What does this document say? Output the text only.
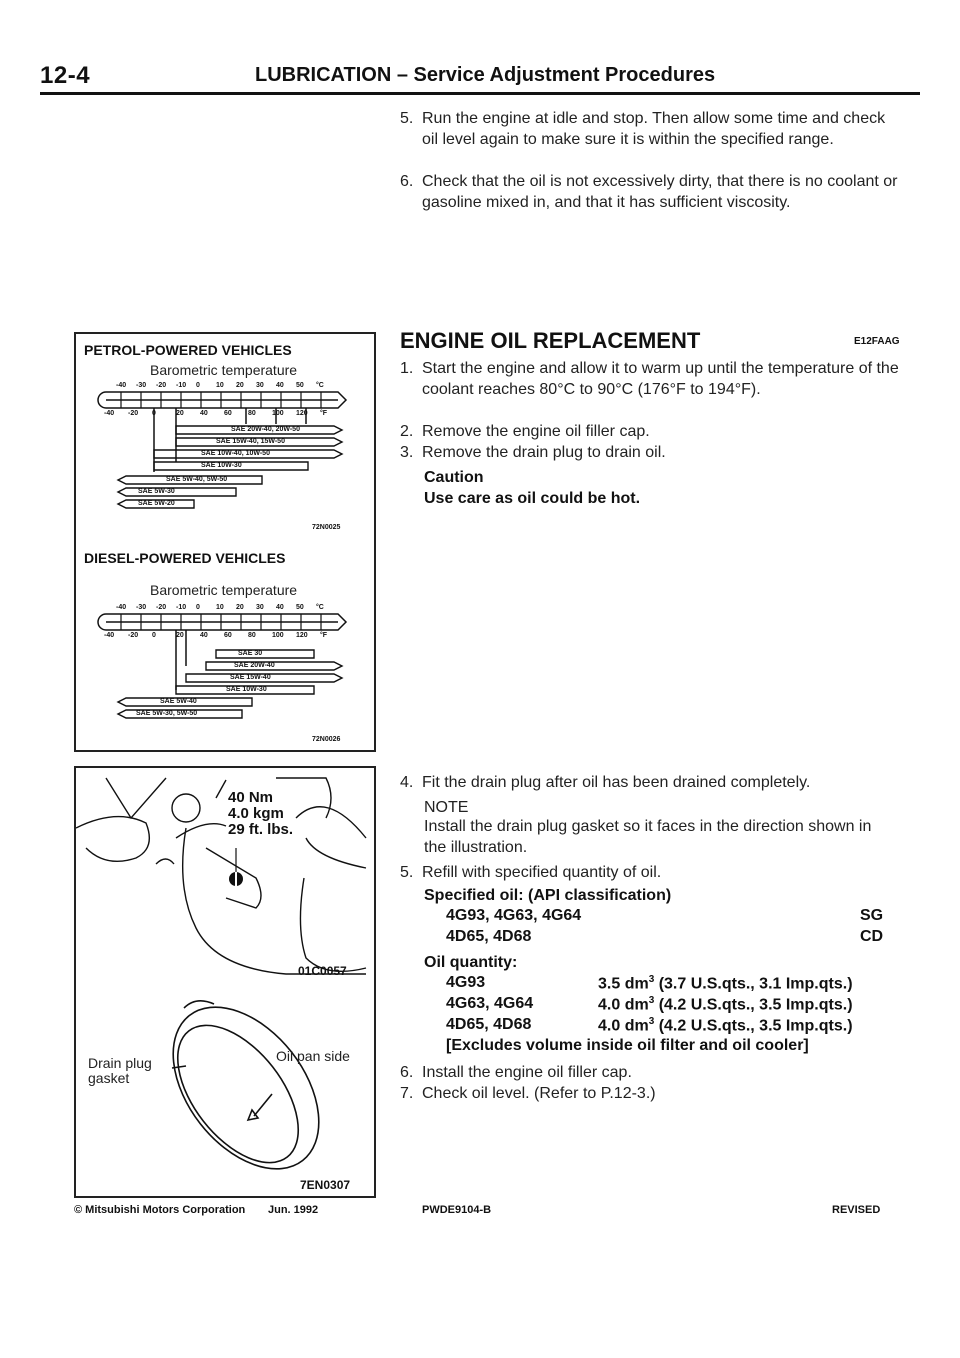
12-4	LUBRICATION – Service Adjustment Procedures
5. Run the engine at idle and stop. Then allow some time and check oil level again to make sure it is within the specified range.
6. Check that the oil is not excessively dirty, that there is no coolant or gasoline mixed in, and that it has sufficient viscosity.
PETROL-POWERED VEHICLES
Barometric temperature
-40 -30 -20 -10 0 10 20 30 40 50 °C
-40 -20 0	20 40 60 80 100 120 °F
SAE 20W-40, 20W-50
SAE 15W-40, 15W-50
SAE 10W-40, 10W-50
SAE 10W-30
SAE 5W-40, 5W-50
SAE 5W-30
SAE 5W-20
72N0025
DIESEL-POWERED VEHICLES
Barometric temperature
-40 -30 -20 -10 0 10 20 30 40 50 °C
-40 -20 0	20 40 60 80 100 120 °F
SAE 30
SAE 20W-40
SAE 15W-40
SAE 10W-30
SAE 5W-40
SAE 5W-30, 5W-50
72N0026
40 Nm
4.0 kgm
29 ft. lbs.
01C0057
Drain plug
gasket
Oil pan side
7EN0307
ENGINE OIL REPLACEMENT	E12FAAG
1. Start the engine and allow it to warm up until the temperature of the coolant reaches 80°C to 90°C (176°F to 194°F).
2. Remove the engine oil filler cap.
3. Remove the drain plug to drain oil.
Caution
Use care as oil could be hot.
4. Fit the drain plug after oil has been drained completely.
NOTE
Install the drain plug gasket so it faces in the direction shown in the illustration.
5. Refill with specified quantity of oil.
Specified oil: (API classification)
4G93, 4G63, 4G64	SG
4D65, 4D68	CD
Oil quantity:
4G93	3.5 $dm^3$ (3.7 U.S.qts., 3.1 Imp.qts.)
4G63, 4G64	4.0 $dm^3$ (4.2 U.S.qts., 3.5 Imp.qts.)
4D65, 4D68	4.0 $dm^3$ (4.2 U.S.qts., 3.5 Imp.qts.)
[Excludes volume inside oil filter and oil cooler]
6. Install the engine oil filler cap.
7. Check oil level. (Refer to P.12-3.)
© Mitsubishi Motors Corporation Jun. 1992	PWDE9104-B	REVISED
